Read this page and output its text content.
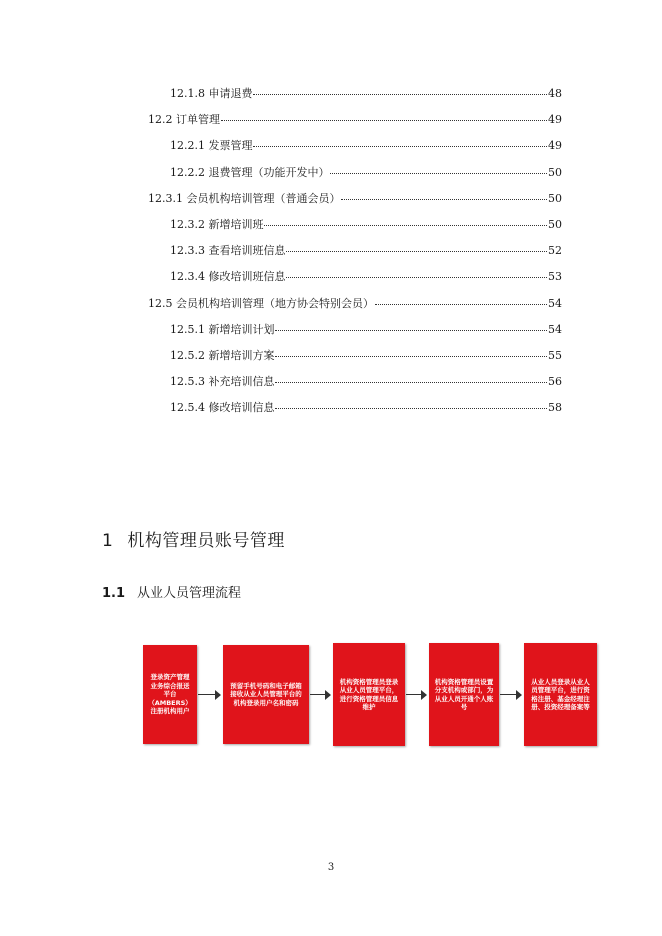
12.1.8 申请退费	48
12.2 订单管理	49
12.2.1 发票管理	49
12.2.2 退费管理（功能开发中）	50
12.3.1 会员机构培训管理（普通会员）	50
12.3.2 新增培训班	50
12.3.3 查看培训班信息	52
12.3.4 修改培训班信息	53
12.5 会员机构培训管理（地方协会特别会员）	54
12.5.1 新增培训计划	54
12.5.2 新增培训方案	55
12.5.3 补充培训信息	56
12.5.4 修改培训信息	58
1 机构管理员账号管理
1.1 从业人员管理流程
登录资产管理
业务综合报送
平台
（AMBERS）
注册机构用户
预留手机号码和电子邮箱
接收从业人员管理平台的
机构登录用户名和密码
机构资格管理员登录
从业人员管理平台，
进行资格管理员信息
维护
机构资格管理员设置
分支机构或部门，为
从业人员开通个人账
号
从业人员登录从业人
员管理平台，进行资
格注册、基金经理注
册、投资经理备案等
3
